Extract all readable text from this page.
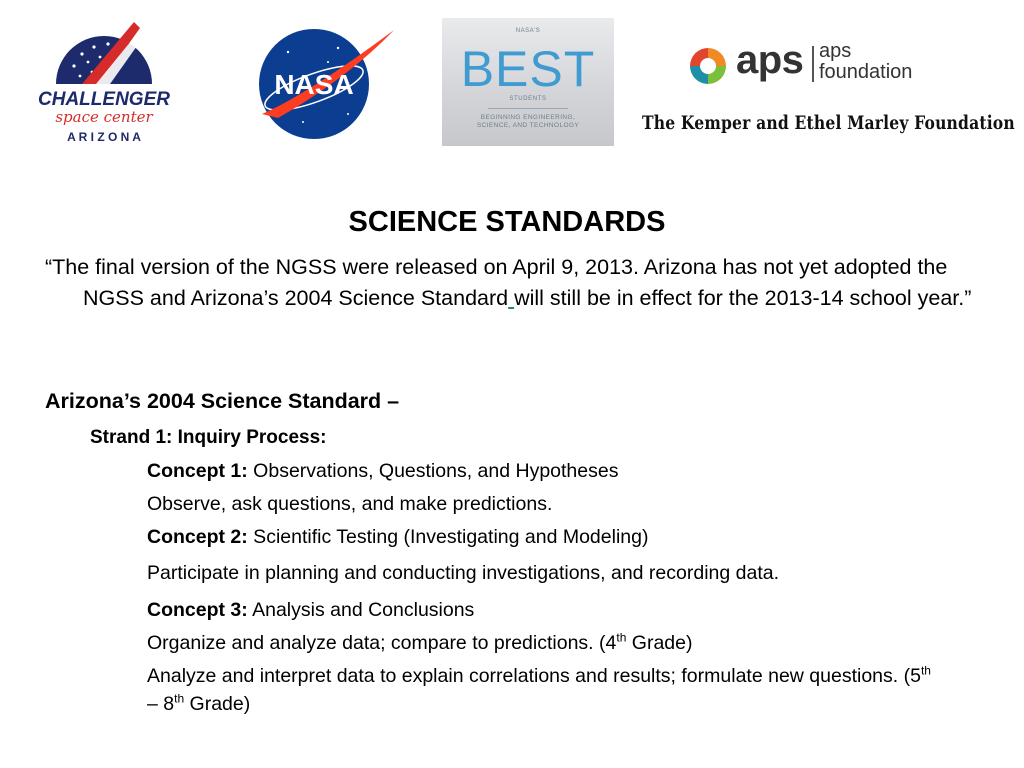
CHALLENGER
space center
A R I Z O N A
NASA
NASA'S
BEST
STUDENTS
BEGINNING ENGINEERING, SCIENCE, AND TECHNOLOGY
aps aps
foundation
The Kemper and Ethel Marley Foundation
SCIENCE STANDARDS
“The final version of the NGSS were released on April 9, 2013. Arizona has not yet adopted the NGSS and Arizona’s 2004 Science Standard will still be in effect for the 2013-14 school year.”
Arizona’s 2004 Science Standard –
Strand 1: Inquiry Process:
Concept 1: Observations, Questions, and Hypotheses
Observe, ask questions, and make predictions.
Concept 2: Scientific Testing (Investigating and Modeling)
Participate in planning and conducting investigations, and recording data.
Concept 3: Analysis and Conclusions
Organize and analyze data; compare to predictions. (4th Grade)
Analyze and interpret data to explain correlations and results; formulate new questions. (5th – 8th Grade)
